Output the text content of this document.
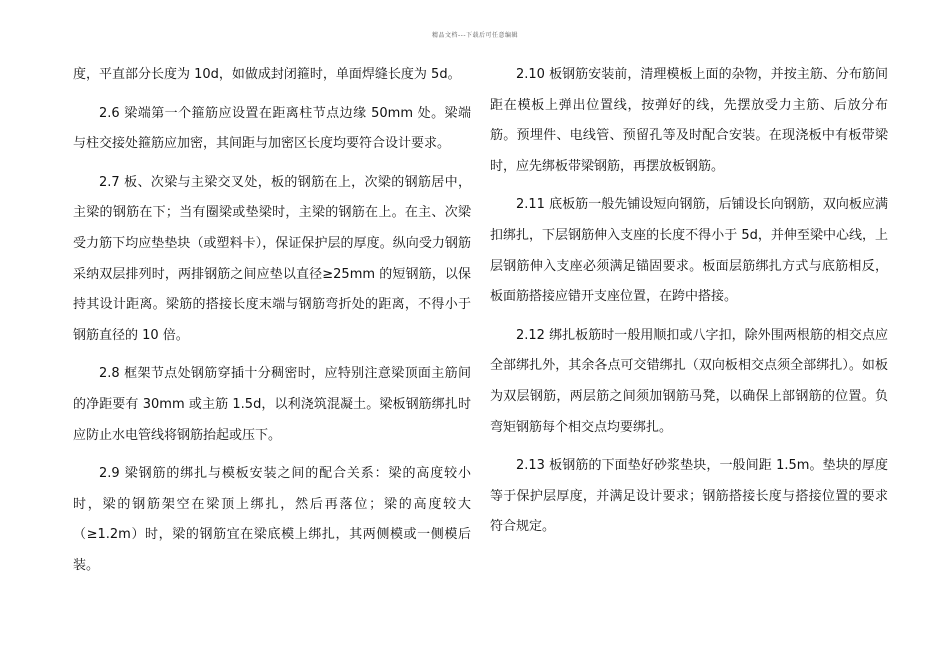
精品文档---下载后可任意编辑

度，平直部分长度为 10d，如做成封闭箍时，单面焊缝长度为 5d。

2.6 梁端第一个箍筋应设置在距离柱节点边缘 50mm 处。梁端与柱交接处箍筋应加密，其间距与加密区长度均要符合设计要求。

2.7 板、次梁与主梁交叉处，板的钢筋在上，次梁的钢筋居中，主梁的钢筋在下；当有圈梁或垫梁时，主梁的钢筋在上。在主、次梁受力筋下均应垫垫块（或塑料卡），保证保护层的厚度。纵向受力钢筋采纳双层排列时，两排钢筋之间应垫以直径≥25mm 的短钢筋，以保持其设计距离。梁筋的搭接长度末端与钢筋弯折处的距离，不得小于钢筋直径的 10 倍。

2.8 框架节点处钢筋穿插十分稠密时，应特别注意梁顶面主筋间的净距要有 30mm 或主筋 1.5d，以利浇筑混凝土。梁板钢筋绑扎时应防止水电管线将钢筋抬起或压下。

2.9 梁钢筋的绑扎与模板安装之间的配合关系：梁的高度较小时，梁的钢筋架空在梁顶上绑扎，然后再落位；梁的高度较大（≥1.2m）时，梁的钢筋宜在梁底模上绑扎，其两侧模或一侧模后装。

2.10 板钢筋安装前，清理模板上面的杂物，并按主筋、分布筋间距在模板上弹出位置线，按弹好的线，先摆放受力主筋、后放分布筋。预埋件、电线管、预留孔等及时配合安装。在现浇板中有板带梁时，应先绑板带梁钢筋，再摆放板钢筋。

2.11 底板筋一般先铺设短向钢筋，后铺设长向钢筋，双向板应满扣绑扎，下层钢筋伸入支座的长度不得小于 5d，并伸至梁中心线，上层钢筋伸入支座必须满足锚固要求。板面层筋绑扎方式与底筋相反，板面筋搭接应错开支座位置，在跨中搭接。

2.12 绑扎板筋时一般用顺扣或八字扣，除外围两根筋的相交点应全部绑扎外，其余各点可交错绑扎（双向板相交点须全部绑扎）。如板为双层钢筋，两层筋之间须加钢筋马凳，以确保上部钢筋的位置。负弯矩钢筋每个相交点均要绑扎。

2.13 板钢筋的下面垫好砂浆垫块，一般间距 1.5m。垫块的厚度等于保护层厚度，并满足设计要求；钢筋搭接长度与搭接位置的要求符合规定。
